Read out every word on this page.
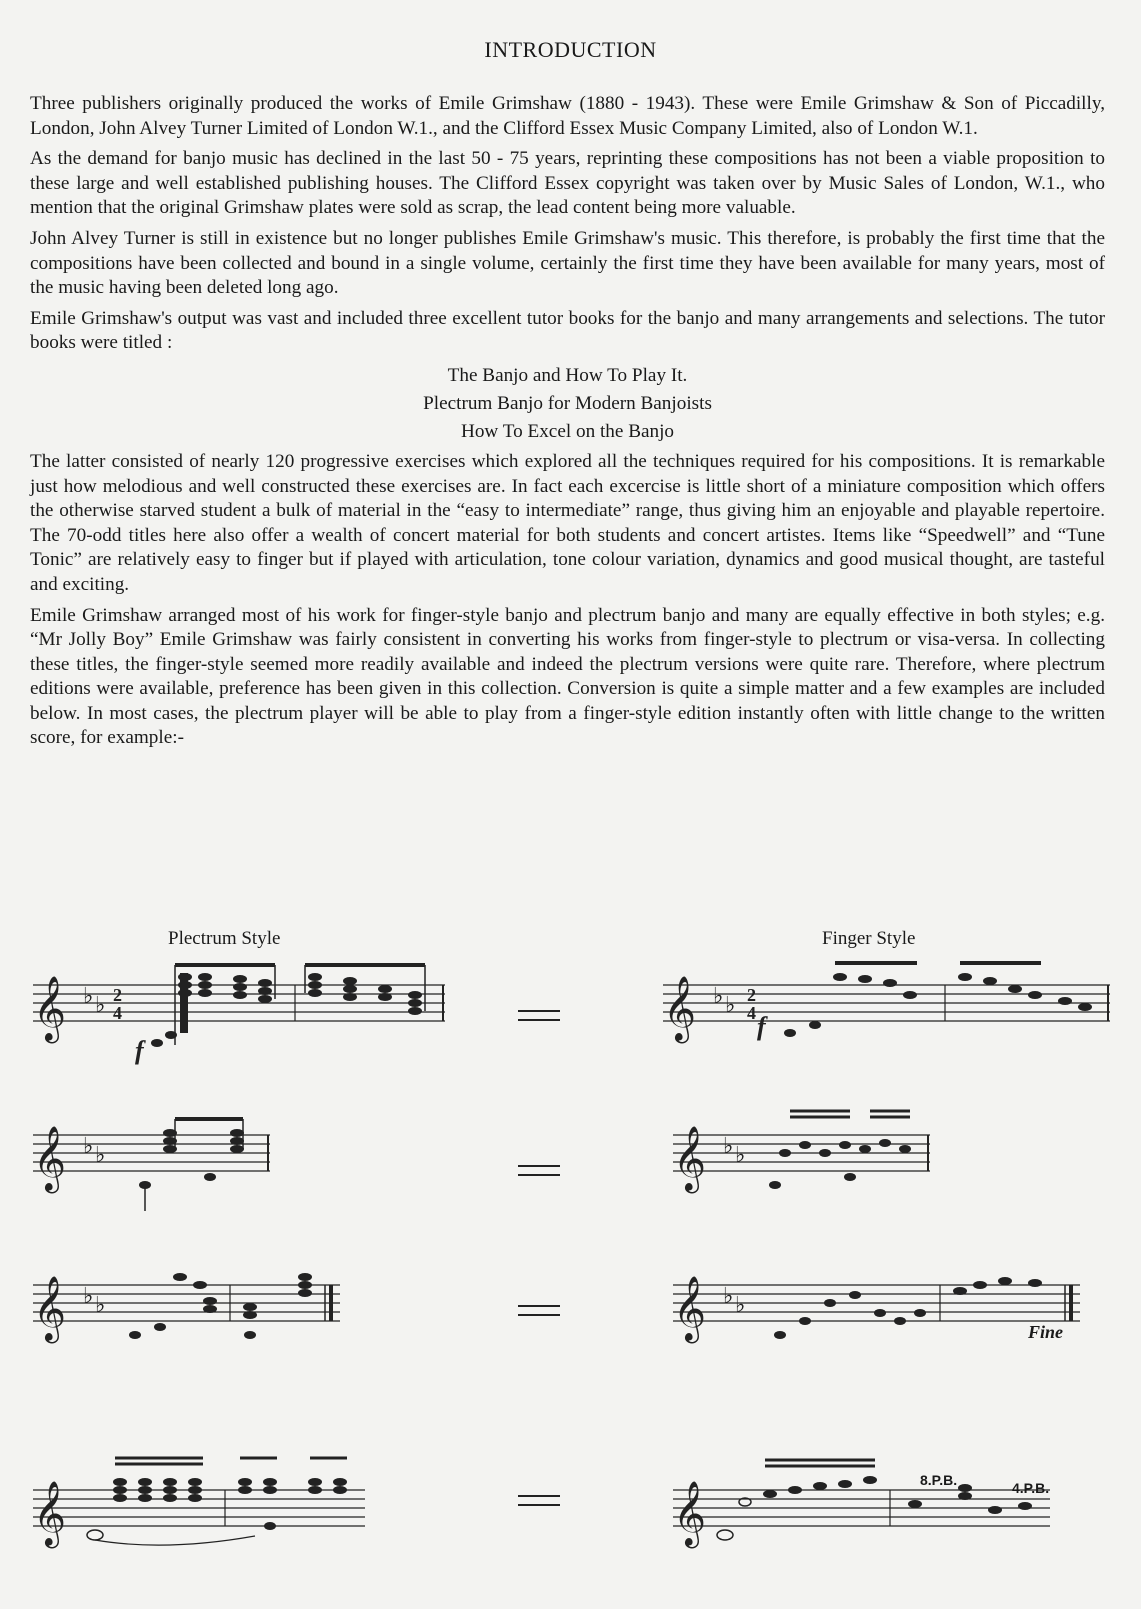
INTRODUCTION

Three publishers originally produced the works of Emile Grimshaw (1880 - 1943). These were Emile Grimshaw & Son of Piccadilly, London, John Alvey Turner Limited of London W.1., and the Clifford Essex Music Company Limited, also of London W.1.

As the demand for banjo music has declined in the last 50 - 75 years, reprinting these compositions has not been a viable proposition to these large and well established publishing houses. The Clifford Essex copyright was taken over by Music Sales of London, W.1., who mention that the original Grimshaw plates were sold as scrap, the lead content being more valuable.

John Alvey Turner is still in existence but no longer publishes Emile Grimshaw's music. This therefore, is probably the first time that the compositions have been collected and bound in a single volume, certainly the first time they have been available for many years, most of the music having been deleted long ago.

Emile Grimshaw's output was vast and included three excellent tutor books for the banjo and many arrangements and selections. The tutor books were titled :

The Banjo and How To Play It.
Plectrum Banjo for Modern Banjoists
How To Excel on the Banjo

The latter consisted of nearly 120 progressive exercises which explored all the techniques required for his compositions. It is remarkable just how melodious and well constructed these exercises are. In fact each excercise is little short of a miniature composition which offers the otherwise starved student a bulk of material in the “easy to intermediate” range, thus giving him an enjoyable and playable repertoire. The 70-odd titles here also offer a wealth of concert material for both students and concert artistes. Items like “Speedwell” and “Tune Tonic” are relatively easy to finger but if played with articulation, tone colour variation, dynamics and good musical thought, are tasteful and exciting.

Emile Grimshaw arranged most of his work for finger-style banjo and plectrum banjo and many are equally effective in both styles; e.g. “Mr Jolly Boy” Emile Grimshaw was fairly consistent in converting his works from finger-style to plectrum or visa-versa. In collecting these titles, the finger-style seemed more readily available and indeed the plectrum versions were quite rare. Therefore, where plectrum editions were available, preference has been given in this collection. Conversion is quite a simple matter and a few examples are included below. In most cases, the plectrum player will be able to play from a finger-style edition instantly often with little change to the written score, for example:-

Plectrum Style	Finger Style
𝄞 ♭ ♭ 2
4
f
𝄞 ♭ ♭ 2
4 f
𝄞 ♭ ♭	𝄞 ♭ ♭
𝄞 ♭ ♭	𝄞 ♭ ♭
Fine
𝄞	𝄞
8.P.B.	4.P.B.
